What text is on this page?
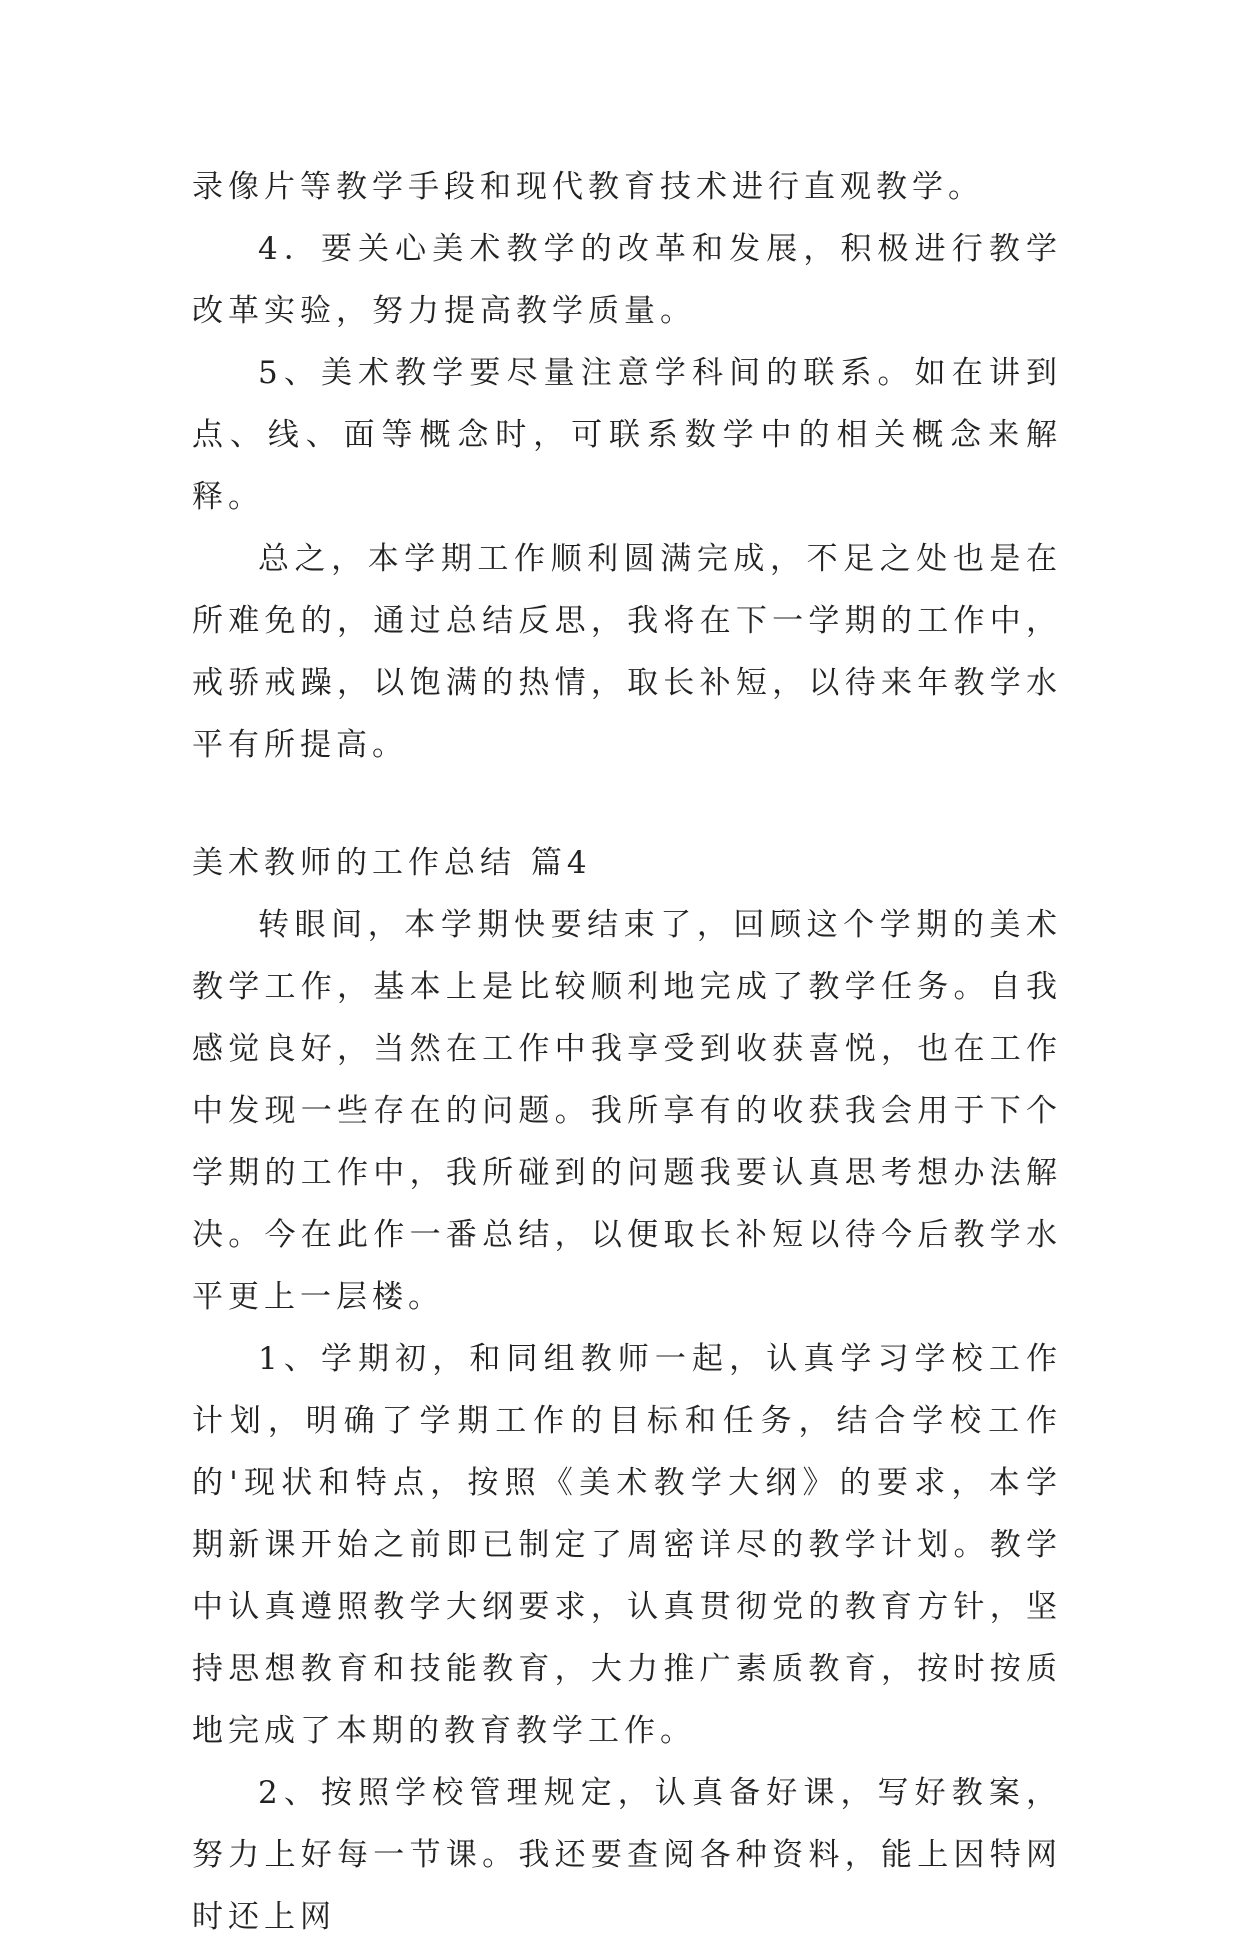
录像片等教学手段和现代教育技术进行直观教学。

4．要关心美术教学的改革和发展，积极进行教学改革实验，努力提高教学质量。

5、美术教学要尽量注意学科间的联系。如在讲到点、线、面等概念时，可联系数学中的相关概念来解释。

总之，本学期工作顺利圆满完成，不足之处也是在所难免的，通过总结反思，我将在下一学期的工作中，戒骄戒躁，以饱满的热情，取长补短，以待来年教学水平有所提高。

美术教师的工作总结 篇4

转眼间，本学期快要结束了，回顾这个学期的美术教学工作，基本上是比较顺利地完成了教学任务。自我感觉良好，当然在工作中我享受到收获喜悦，也在工作中发现一些存在的问题。我所享有的收获我会用于下个学期的工作中，我所碰到的问题我要认真思考想办法解决。今在此作一番总结，以便取长补短以待今后教学水平更上一层楼。

1、学期初，和同组教师一起，认真学习学校工作计划，明确了学期工作的目标和任务，结合学校工作的'现状和特点，按照《美术教学大纲》的要求，本学期新课开始之前即已制定了周密详尽的教学计划。教学中认真遵照教学大纲要求，认真贯彻党的教育方针，坚持思想教育和技能教育，大力推广素质教育，按时按质地完成了本期的教育教学工作。

2、按照学校管理规定，认真备好课，写好教案，努力上好每一节课。我还要查阅各种资料，能上因特网时还上网
